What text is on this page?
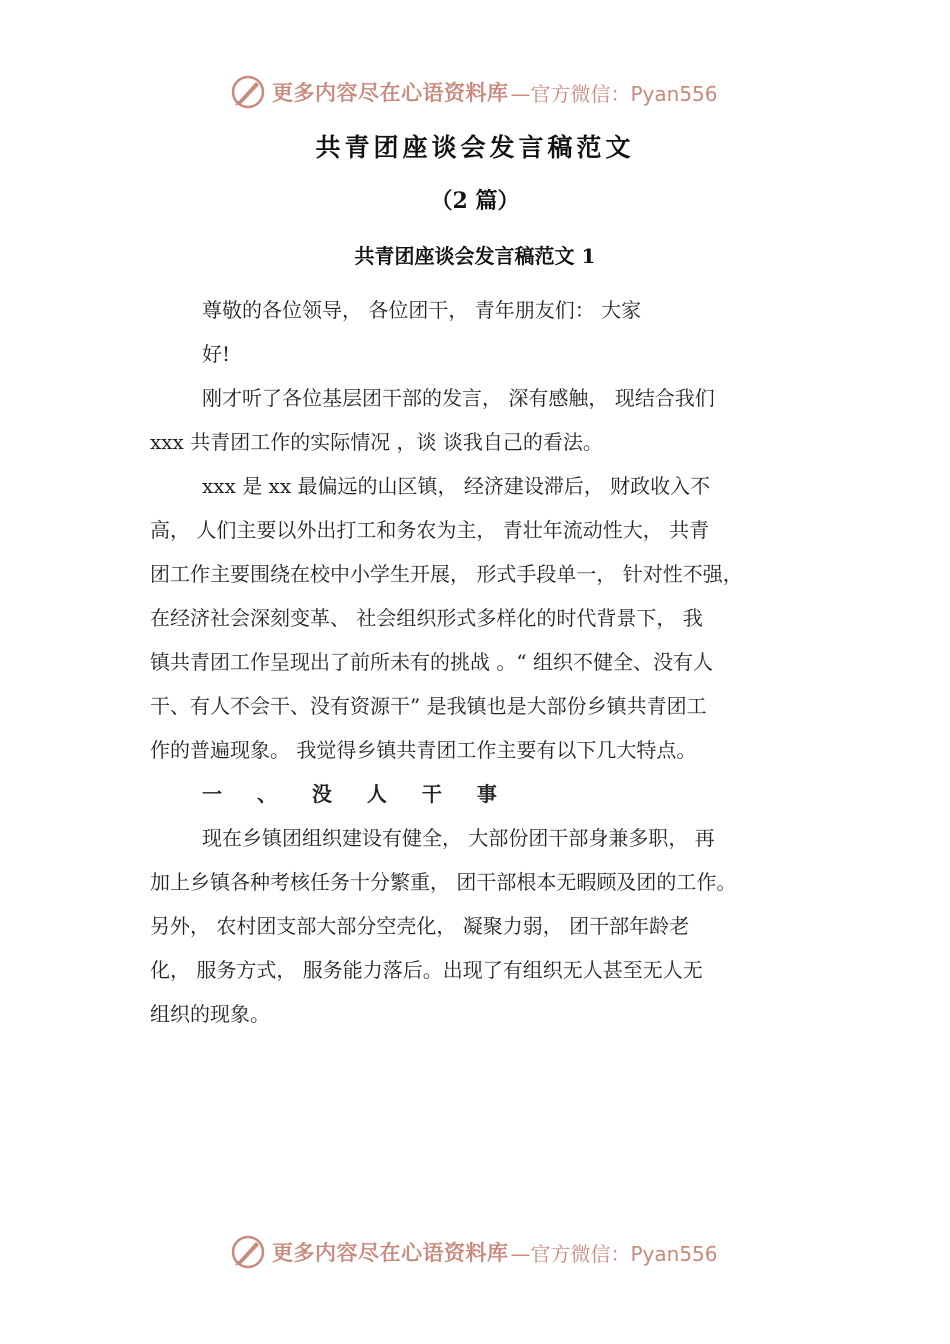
更多内容尽在心语资料库 —官方微信：Pyan556
共青团座谈会发言稿范文
（2 篇）
共青团座谈会发言稿范文 1
尊敬的各位领导， 各位团干， 青年朋友们： 大家
好!
刚才听了各位基层团干部的发言， 深有感触， 现结合我们
xxx 共青团工作的实际情况 ，谈 谈我自己的看法。
xxx 是 xx 最偏远的山区镇， 经济建设滞后， 财政收入不
高， 人们主要以外出打工和务农为主， 青壮年流动性大， 共青
团工作主要围绕在校中小学生开展， 形式手段单一， 针对性不强，
在经济社会深刻变革、 社会组织形式多样化的时代背景下， 我
镇共青团工作呈现出了前所未有的挑战 。“ 组织不健全、没有人
干、有人不会干、没有资源干” 是我镇也是大部份乡镇共青团工
作的普遍现象。 我觉得乡镇共青团工作主要有以下几大特点。
一 、 没 人 干 事
现在乡镇团组织建设有健全， 大部份团干部身兼多职， 再
加上乡镇各种考核任务十分繁重， 团干部根本无暇顾及团的工作。
另外， 农村团支部大部分空壳化， 凝聚力弱， 团干部年龄老
化， 服务方式， 服务能力落后。出现了有组织无人甚至无人无
组织的现象。
更多内容尽在心语资料库 —官方微信：Pyan556
